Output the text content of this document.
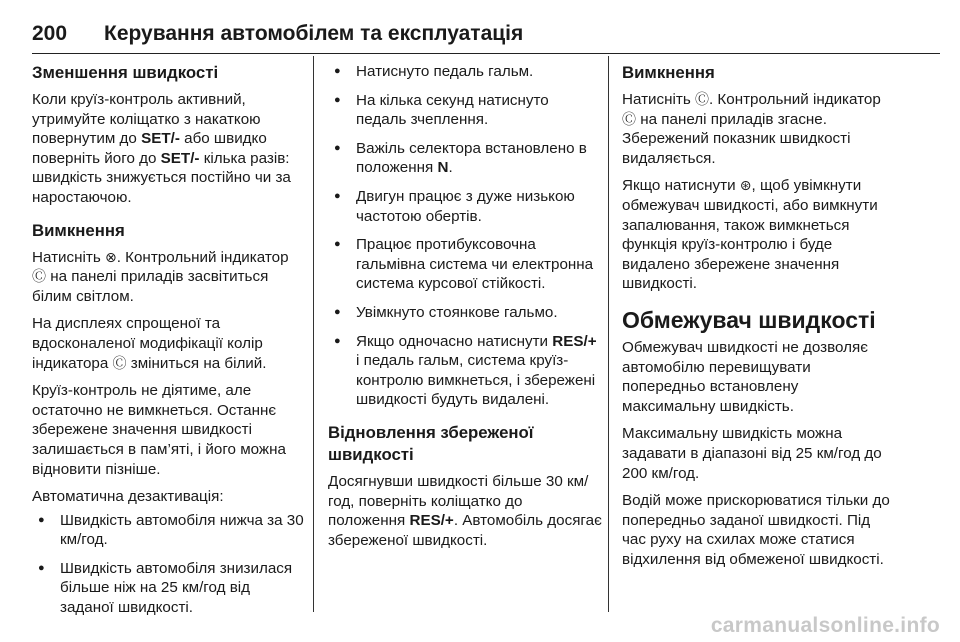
200	Керування автомобілем та експлуатація
Зменшення швидкості

Коли круїз-контроль активний, утримуйте коліщатко з накаткою повернутим до SET/- або швидко поверніть його до SET/- кілька разів: швидкість знижується постійно чи за наростаючою.

Вимкнення

Натисніть ⊗. Контрольний індикатор Ⓒ на панелі приладів засвітиться білим світлом.

На дисплеях спрощеної та вдосконаленої модифікації колір індикатора Ⓒ зміниться на білий.

Круїз-контроль не діятиме, але остаточно не вимкнеться. Останнє збережене значення швидкості залишається в пам’яті, і його можна відновити пізніше.

Автоматична дезактивація:

● Швидкість автомобіля нижча за 30 км/год.
● Швидкість автомобіля знизилася більше ніж на 25 км/год від заданої швидкості.
● Натиснуто педаль гальм.
● На кілька секунд натиснуто педаль зчеплення.
● Важіль селектора встановлено в положення N.
● Двигун працює з дуже низькою частотою обертів.
● Працює протибуксовочна гальмівна система чи електронна система курсової стійкості.
● Увімкнуто стоянкове гальмо.
● Якщо одночасно натиснути RES/+ і педаль гальм, система круїз-контролю вимкнеться, і збережені швидкості будуть видалені.
Відновлення збереженої швидкості

Досягнувши швидкості більше 30 км/год, поверніть коліщатко до положення RES/+. Автомобіль досягає збереженої швидкості.

Вимкнення

Натисніть Ⓒ. Контрольний індикатор Ⓒ на панелі приладів згасне. Збережений показник швидкості видаляється.

Якщо натиснути ⊛, щоб увімкнути обмежувач швидкості, або вимкнути запалювання, також вимкнеться функція круїз-контролю і буде видалено збережене значення швидкості.

Обмежувач швидкості

Обмежувач швидкості не дозволяє автомобілю перевищувати попередньо встановлену максимальну швидкість.

Максимальну швидкість можна задавати в діапазоні від 25 км/год до 200 км/год.

Водій може прискорюватися тільки до попередньо заданої швидкості. Під час руху на схилах може статися відхилення від обмеженої швидкості.

carmanualsonline.info
